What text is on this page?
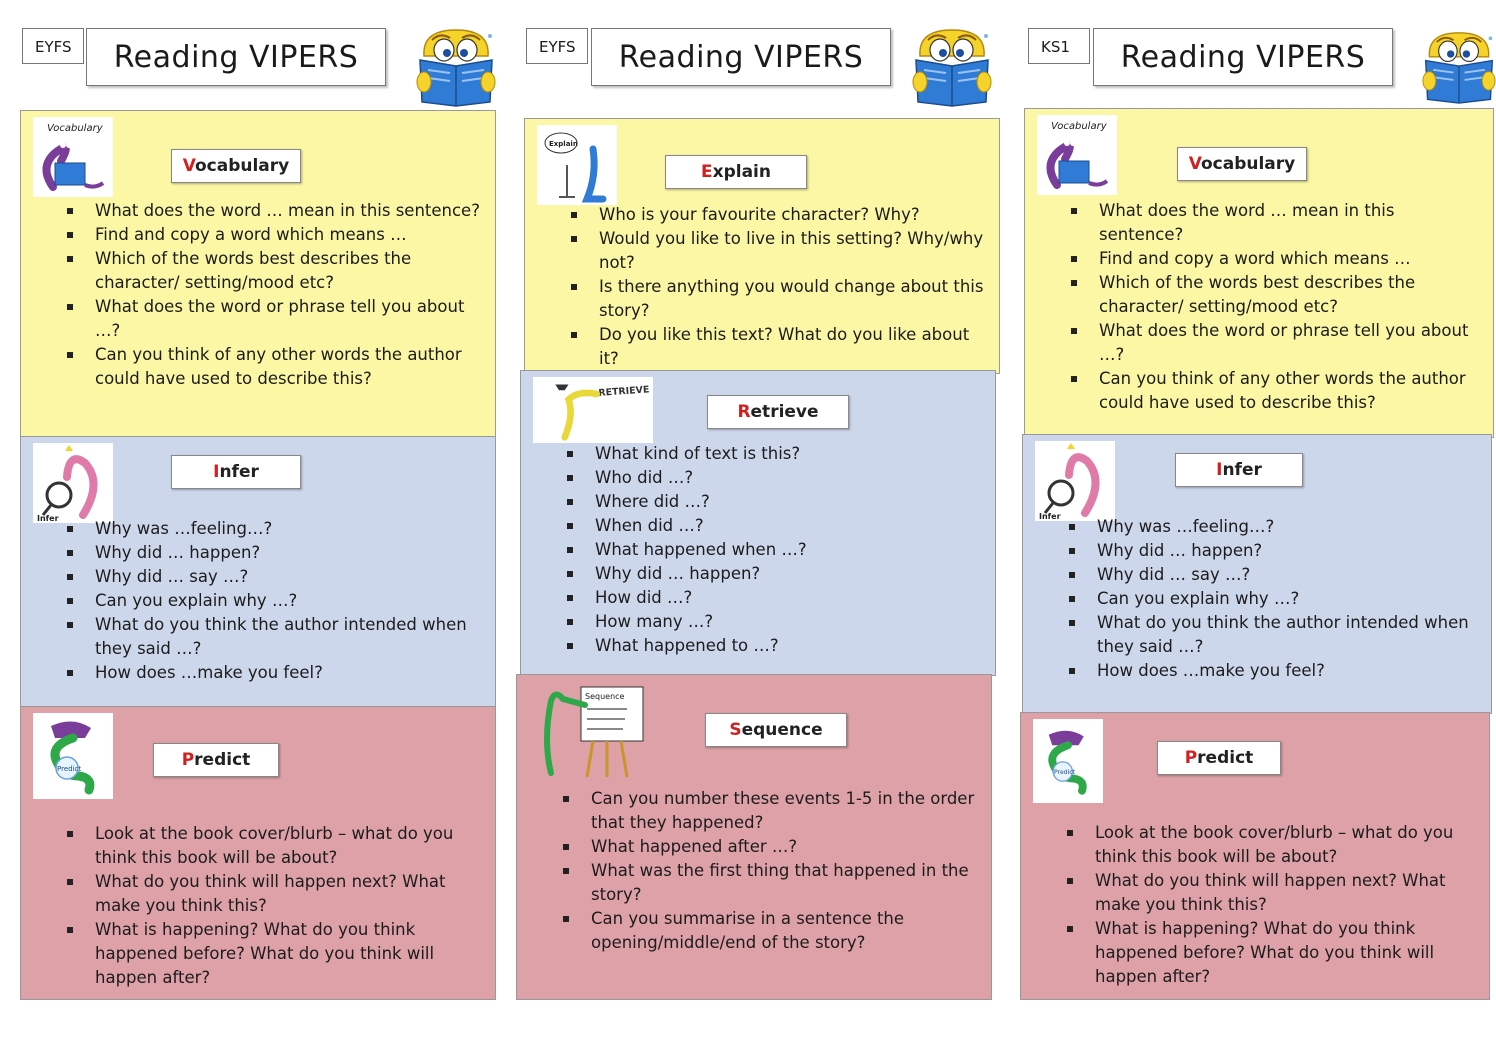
EYFS	Reading VIPERS
Vocabulary
Vocabulary
What does the word … mean in this sentence?
Find and copy a word which means …
Which of the words best describes the character/ setting/mood etc?
What does the word or phrase tell you about …?
Can you think of any other words the author could have used to describe this?
Infer
Infer
Why was …feeling…?
Why did … happen?
Why did … say …?
Can you explain why …?
What do you think the author intended when they said …?
How does …make you feel?
Predict	Predict
Look at the book cover/blurb – what do you think this book will be about?
What do you think will happen next? What make you think this?
What is happening? What do you think happened before? What do you think will happen after?
EYFS	Reading VIPERS
Explain
Explain
Who is your favourite character? Why?
Would you like to live in this setting? Why/why not?
Is there anything you would change about this story?
Do you like this text? What do you like about it?
RETRIEVE
Retrieve
What kind of text is this?
Who did …?
Where did …?
When did …?
What happened when …?
Why did … happen?
How did …?
How many …?
What happened to …?
Sequence
Sequence
Can you number these events 1-5 in the order that they happened?
What happened after …?
What was the first thing that happened in the story?
Can you summarise in a sentence the opening/middle/end of the story?
KS1	Reading VIPERS
Vocabulary
Vocabulary
What does the word … mean in this sentence?
Find and copy a word which means …
Which of the words best describes the character/ setting/mood etc?
What does the word or phrase tell you about …?
Can you think of any other words the author could have used to describe this?
Infer
Infer
Why was …feeling…?
Why did … happen?
Why did … say …?
Can you explain why …?
What do you think the author intended when they said …?
How does …make you feel?
Predict
Predict
Look at the book cover/blurb – what do you think this book will be about?
What do you think will happen next? What make you think this?
What is happening? What do you think happened before? What do you think will happen after?
